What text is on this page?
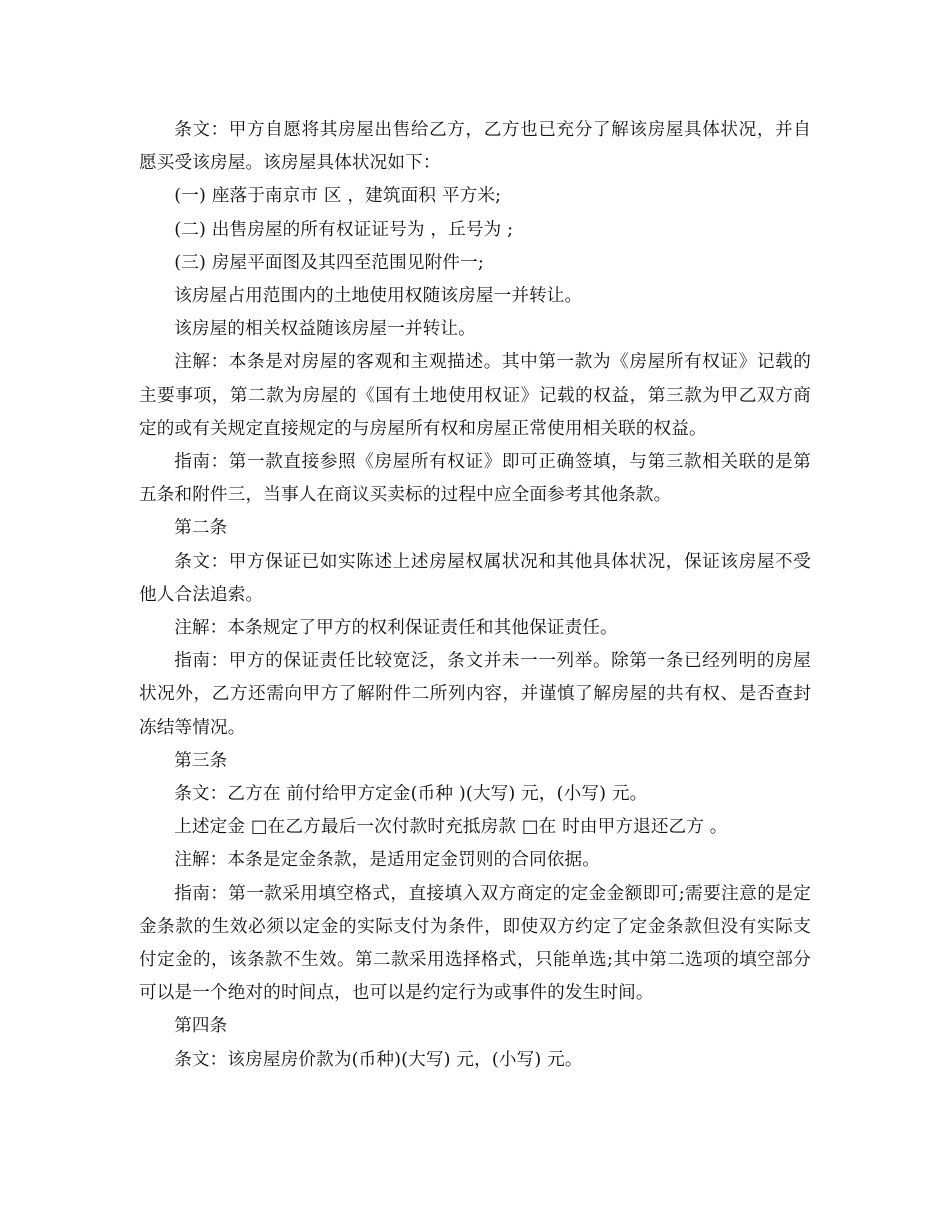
条文：甲方自愿将其房屋出售给乙方，乙方也已充分了解该房屋具体状况，并自愿买受该房屋。该房屋具体状况如下：

(一) 座落于南京市 区 ，建筑面积 平方米;

(二) 出售房屋的所有权证证号为 ，丘号为 ;

(三) 房屋平面图及其四至范围见附件一;

该房屋占用范围内的土地使用权随该房屋一并转让。

该房屋的相关权益随该房屋一并转让。

注解：本条是对房屋的客观和主观描述。其中第一款为《房屋所有权证》记载的主要事项，第二款为房屋的《国有土地使用权证》记载的权益，第三款为甲乙双方商定的或有关规定直接规定的与房屋所有权和房屋正常使用相关联的权益。

指南：第一款直接参照《房屋所有权证》即可正确签填，与第三款相关联的是第五条和附件三，当事人在商议买卖标的过程中应全面参考其他条款。

第二条

条文：甲方保证已如实陈述上述房屋权属状况和其他具体状况，保证该房屋不受他人合法追索。

注解：本条规定了甲方的权利保证责任和其他保证责任。

指南：甲方的保证责任比较宽泛，条文并未一一列举。除第一条已经列明的房屋状况外，乙方还需向甲方了解附件二所列内容，并谨慎了解房屋的共有权、是否查封冻结等情况。

第三条

条文：乙方在 前付给甲方定金(币种 )(大写) 元，(小写) 元。

上述定金 □在乙方最后一次付款时充抵房款 □在 时由甲方退还乙方 。

注解：本条是定金条款，是适用定金罚则的合同依据。

指南：第一款采用填空格式，直接填入双方商定的定金金额即可;需要注意的是定金条款的生效必须以定金的实际支付为条件，即使双方约定了定金条款但没有实际支付定金的，该条款不生效。第二款采用选择格式，只能单选;其中第二选项的填空部分可以是一个绝对的时间点，也可以是约定行为或事件的发生时间。

第四条

条文：该房屋房价款为(币种)(大写) 元，(小写) 元。
